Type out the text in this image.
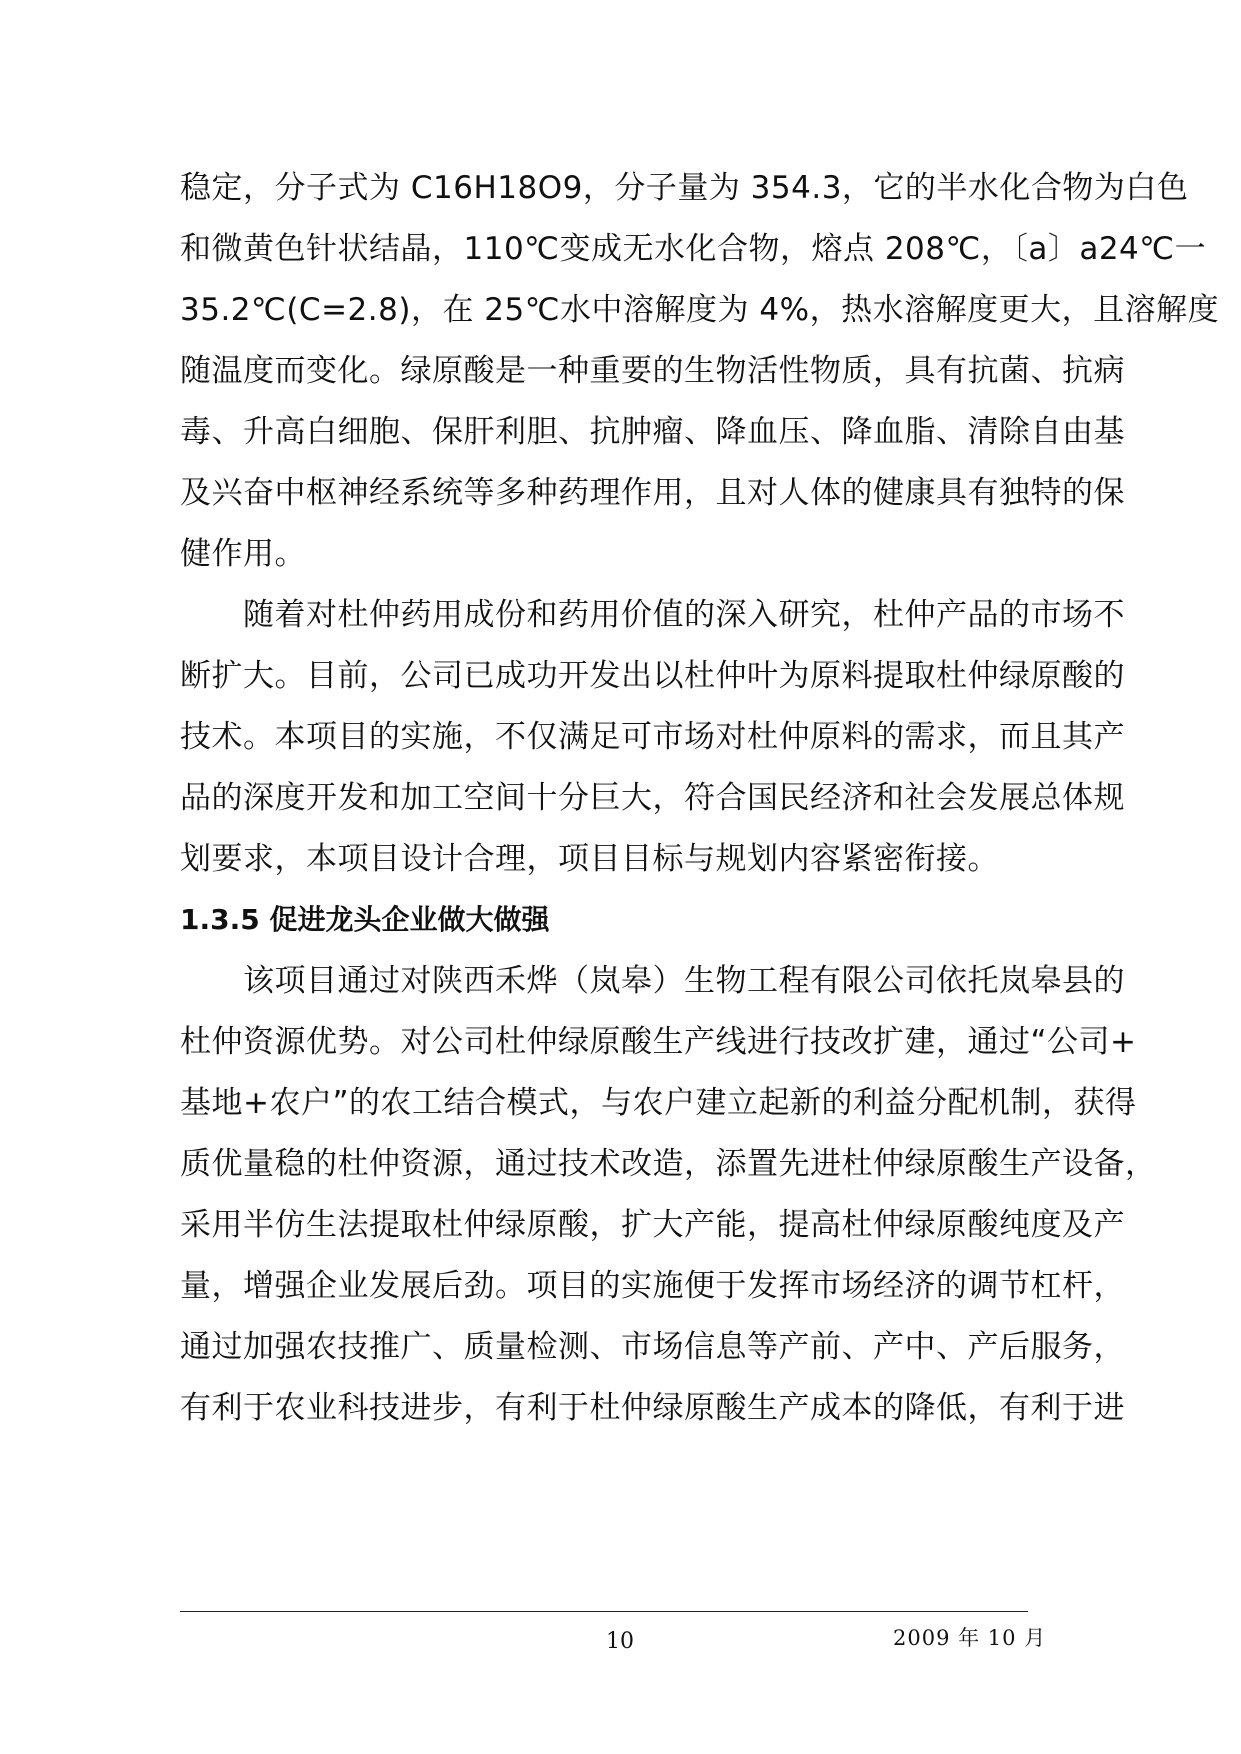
稳定，分子式为 C16H18O9，分子量为 354.3，它的半水化合物为白色
和微黄色针状结晶，110℃变成无水化合物，熔点 208℃，〔a〕a24℃一
35.2℃(C=2.8)，在 25℃水中溶解度为 4%，热水溶解度更大，且溶解度
随温度而变化。绿原酸是一种重要的生物活性物质，具有抗菌、抗病
毒、升高白细胞、保肝利胆、抗肿瘤、降血压、降血脂、清除自由基
及兴奋中枢神经系统等多种药理作用，且对人体的健康具有独特的保
健作用。
　　随着对杜仲药用成份和药用价值的深入研究，杜仲产品的市场不
断扩大。目前，公司已成功开发出以杜仲叶为原料提取杜仲绿原酸的
技术。本项目的实施，不仅满足可市场对杜仲原料的需求，而且其产
品的深度开发和加工空间十分巨大，符合国民经济和社会发展总体规
划要求，本项目设计合理，项目目标与规划内容紧密衔接。
1.3.5 促进龙头企业做大做强
　　该项目通过对陕西禾烨（岚皋）生物工程有限公司依托岚皋县的
杜仲资源优势。对公司杜仲绿原酸生产线进行技改扩建，通过“公司+
基地+农户”的农工结合模式，与农户建立起新的利益分配机制，获得
质优量稳的杜仲资源，通过技术改造，添置先进杜仲绿原酸生产设备，
采用半仿生法提取杜仲绿原酸，扩大产能，提高杜仲绿原酸纯度及产
量，增强企业发展后劲。项目的实施便于发挥市场经济的调节杠杆，
通过加强农技推广、质量检测、市场信息等产前、产中、产后服务，
有利于农业科技进步，有利于杜仲绿原酸生产成本的降低，有利于进
10	2009 年 10 月
